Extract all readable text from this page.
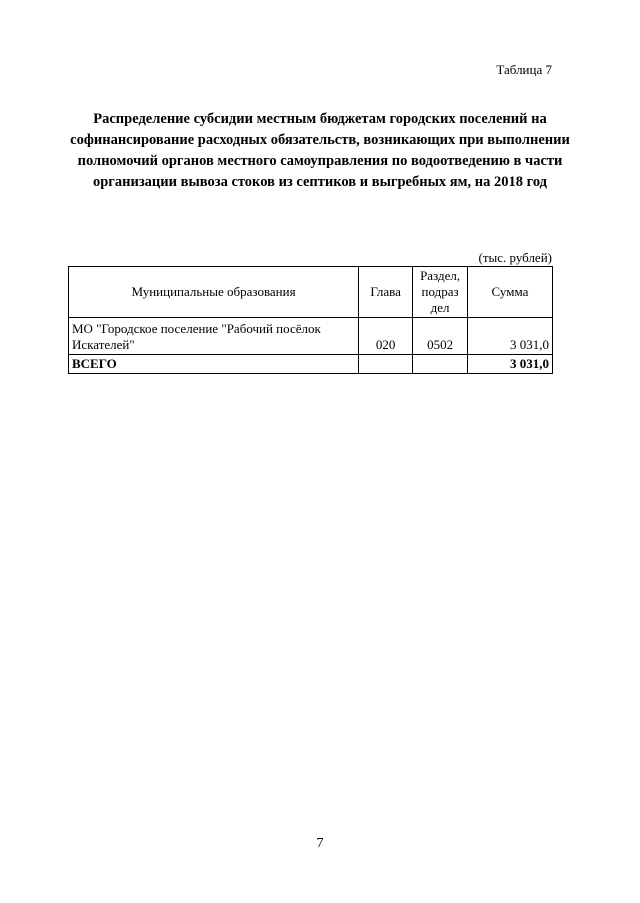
Таблица 7
Распределение субсидии местным бюджетам городских поселений на софинансирование расходных обязательств, возникающих при выполнении полномочий органов местного самоуправления по водоотведению в части организации вывоза стоков из септиков и выгребных ям, на 2018 год
(тыс. рублей)
Муниципальные образования	Глава	Раздел, подраз дел	Сумма
МО "Городское поселение "Рабочий посёлок Искателей"	020	0502	3 031,0
ВСЕГО			3 031,0
7
